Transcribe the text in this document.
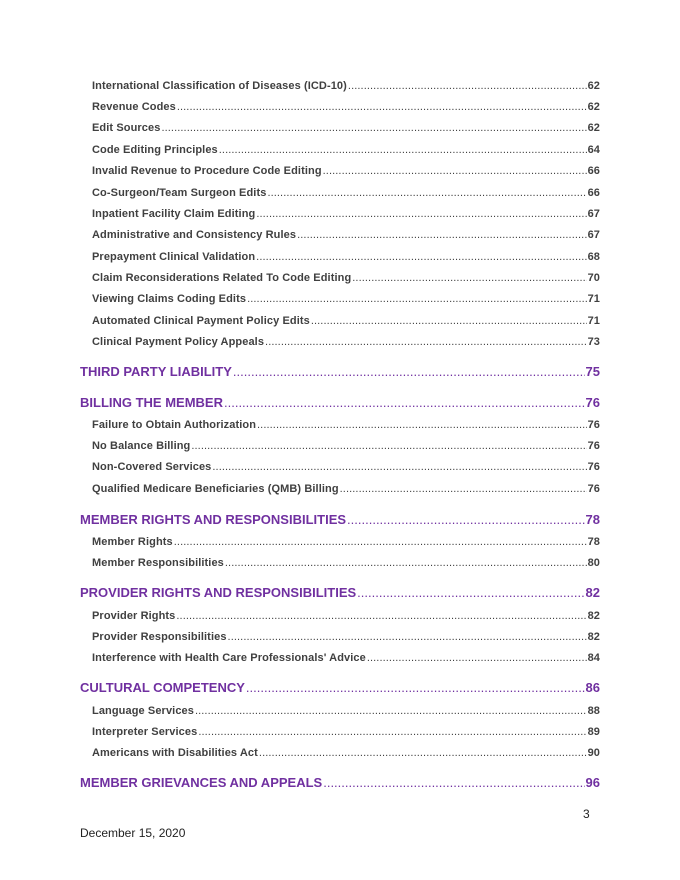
International Classification of Diseases (ICD-10) .....	62
Revenue Codes .....	62
Edit Sources .....	62
Code Editing Principles .....	64
Invalid Revenue to Procedure Code Editing .....	66
Co-Surgeon/Team Surgeon Edits .....	66
Inpatient Facility Claim Editing .....	67
Administrative and Consistency Rules .....	67
Prepayment Clinical Validation .....	68
Claim Reconsiderations Related To Code Editing .....	70
Viewing Claims Coding Edits .....	71
Automated Clinical Payment Policy Edits .....	71
Clinical Payment Policy Appeals .....	73
THIRD PARTY LIABILITY .....	75
BILLING THE MEMBER .....	76
Failure to Obtain Authorization .....	76
No Balance Billing .....	76
Non-Covered Services .....	76
Qualified Medicare Beneficiaries (QMB) Billing .....	76
MEMBER RIGHTS AND RESPONSIBILITIES .....	78
Member Rights .....	78
Member Responsibilities .....	80
PROVIDER RIGHTS AND RESPONSIBILITIES .....	82
Provider Rights .....	82
Provider Responsibilities .....	82
Interference with Health Care Professionals' Advice .....	84
CULTURAL COMPETENCY .....	86
Language Services .....	88
Interpreter Services .....	89
Americans with Disabilities Act .....	90
MEMBER GRIEVANCES AND APPEALS .....	96
3
December 15, 2020
